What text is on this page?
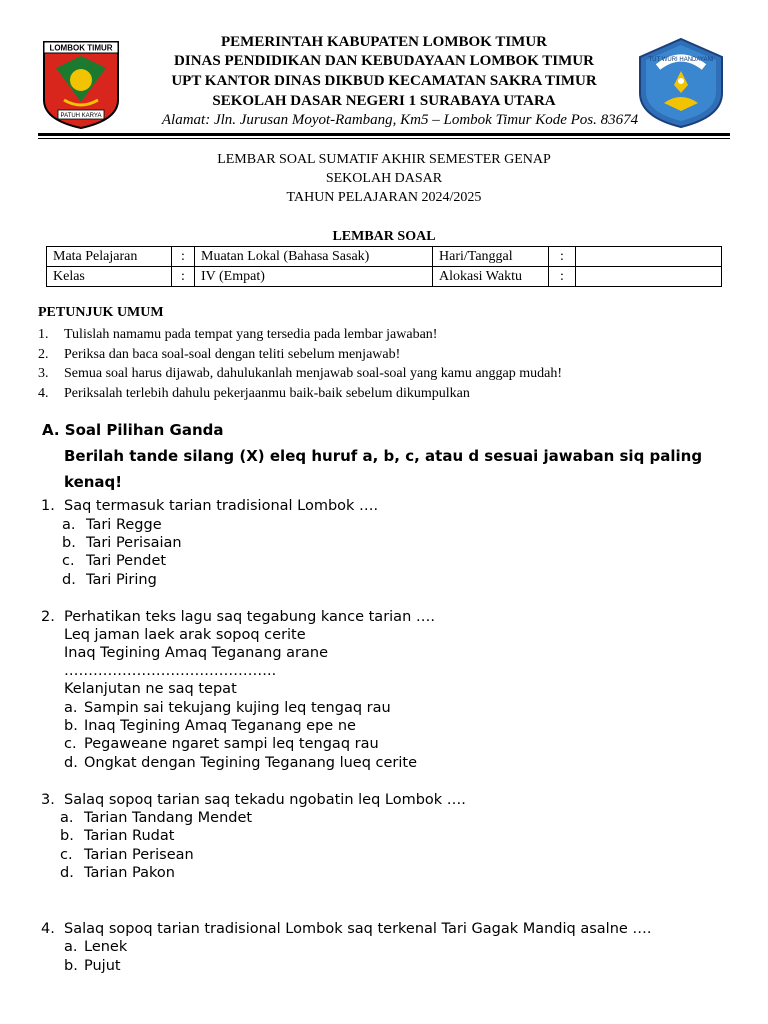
LOMBOK TIMUR
PATUH KARYA
TUT WURI HANDAYANI
PEMERINTAH KABUPATEN LOMBOK TIMUR
DINAS PENDIDIKAN DAN KEBUDAYAAN LOMBOK TIMUR
UPT KANTOR DINAS DIKBUD KECAMATAN SAKRA TIMUR
SEKOLAH DASAR NEGERI 1 SURABAYA UTARA
Alamat: Jln. Jurusan Moyot-Rambang, Km5 – Lombok Timur Kode Pos. 83674
LEMBAR SOAL SUMATIF AKHIR SEMESTER GENAP
SEKOLAH DASAR
TAHUN PELAJARAN 2024/2025
LEMBAR SOAL
Mata Pelajaran	:	Muatan Lokal (Bahasa Sasak)	Hari/Tanggal	:	
Kelas	:	IV (Empat)	Alokasi Waktu	:	
PETUNJUK UMUM
1.	Tulislah namamu pada tempat yang tersedia pada lembar jawaban!
2.	Periksa dan baca soal-soal dengan teliti sebelum menjawab!
3.	Semua soal harus dijawab, dahulukanlah menjawab soal-soal yang kamu anggap mudah!
4.	Periksalah terlebih dahulu pekerjaanmu baik-baik sebelum dikumpulkan
A. Soal Pilihan Ganda
Berilah tande silang (X) eleq huruf a, b, c, atau d sesuai jawaban siq paling
kenaq!
1. Saq termasuk tarian tradisional Lombok ….
a. Tari Regge
b. Tari Perisaian
c. Tari Pendet
d. Tari Piring
2. Perhatikan teks lagu saq tegabung kance tarian ….
Leq jaman laek arak sopoq cerite
Inaq Tegining Amaq Teganang arane
……………………………………..
Kelanjutan ne saq tepat
a. Sampin sai tekujang kujing leq tengaq rau
b. Inaq Tegining Amaq Teganang epe ne
c. Pegaweane ngaret sampi leq tengaq rau
d. Ongkat dengan Tegining Teganang lueq cerite
3. Salaq sopoq tarian saq tekadu ngobatin leq Lombok ….
a. Tarian Tandang Mendet
b. Tarian Rudat
c. Tarian Perisean
d. Tarian Pakon
4. Salaq sopoq tarian tradisional Lombok saq terkenal Tari Gagak Mandiq asalne ….
a. Lenek
b. Pujut
